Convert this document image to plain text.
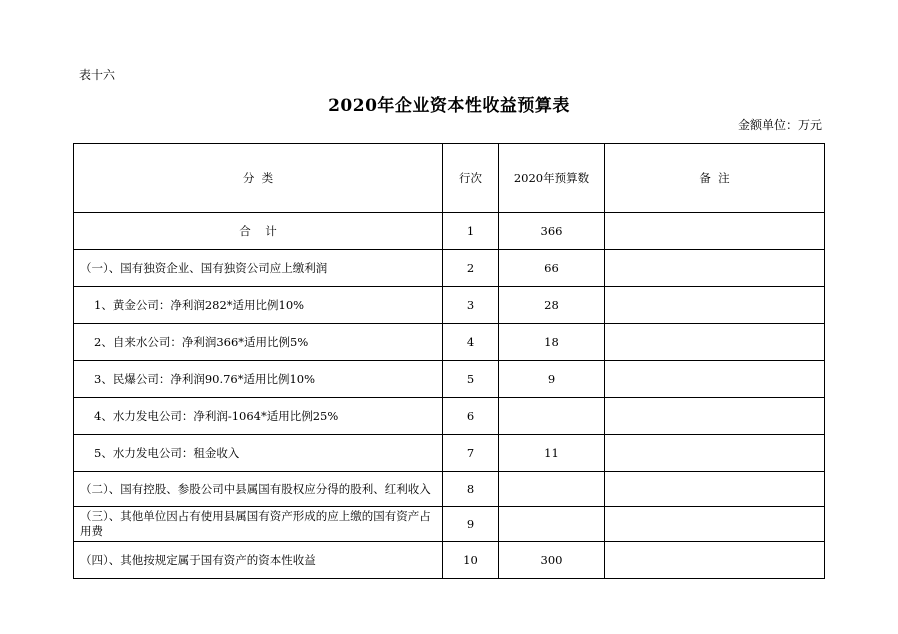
表十六
2020年企业资本性收益预算表
金额单位：万元
分  类	行次	2020年预算数	备  注
合    计	1	366	
（一）、国有独资企业、国有独资公司应上缴利润	2	66	
1、黄金公司：净利润282*适用比例10%	3	28	
2、自来水公司：净利润366*适用比例5%	4	18	
3、民爆公司：净利润90.76*适用比例10%	5	9	
4、水力发电公司：净利润-1064*适用比例25%	6		
5、水力发电公司：租金收入	7	11	
（二）、国有控股、参股公司中县属国有股权应分得的股利、红利收入	8		
（三）、其他单位因占有使用县属国有资产形成的应上缴的国有资产占用费	9		
（四）、其他按规定属于国有资产的资本性收益	10	300	
